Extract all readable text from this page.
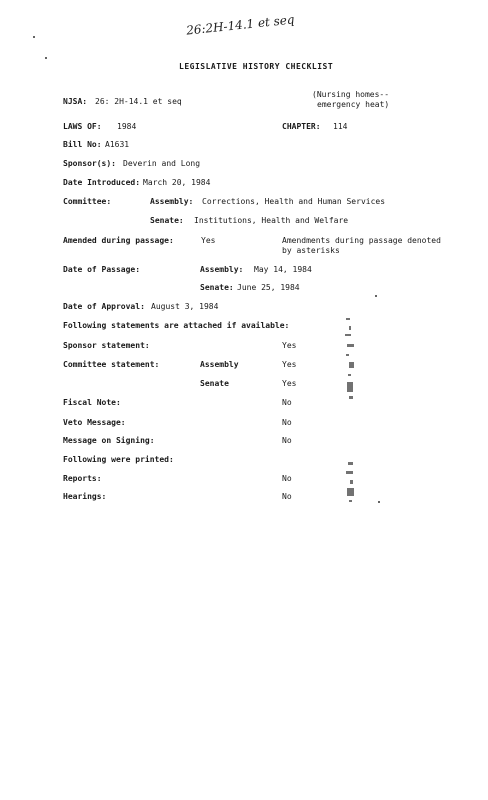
26:2H-14.1 et seq
LEGISLATIVE HISTORY CHECKLIST
NJSA: 26: 2H-14.1 et seq
(Nursing homes--
emergency heat)
LAWS OF: 1984	CHAPTER: 114
Bill No: A1631
Sponsor(s): Deverin and Long
Date Introduced: March 20, 1984
Committee:	Assembly: Corrections, Health and Human Services
Senate: Institutions, Health and Welfare
Amended during passage:	Yes	Amendments during passage denoted
by asterisks
Date of Passage:	Assembly: May 14, 1984
Senate: June 25, 1984
Date of Approval: August 3, 1984
Following statements are attached if available:
Sponsor statement:	Yes
Committee statement:	Assembly	Yes
Senate	Yes
Fiscal Note:	No
Veto Message:	No
Message on Signing:	No
Following were printed:
Reports:	No
Hearings:	No
